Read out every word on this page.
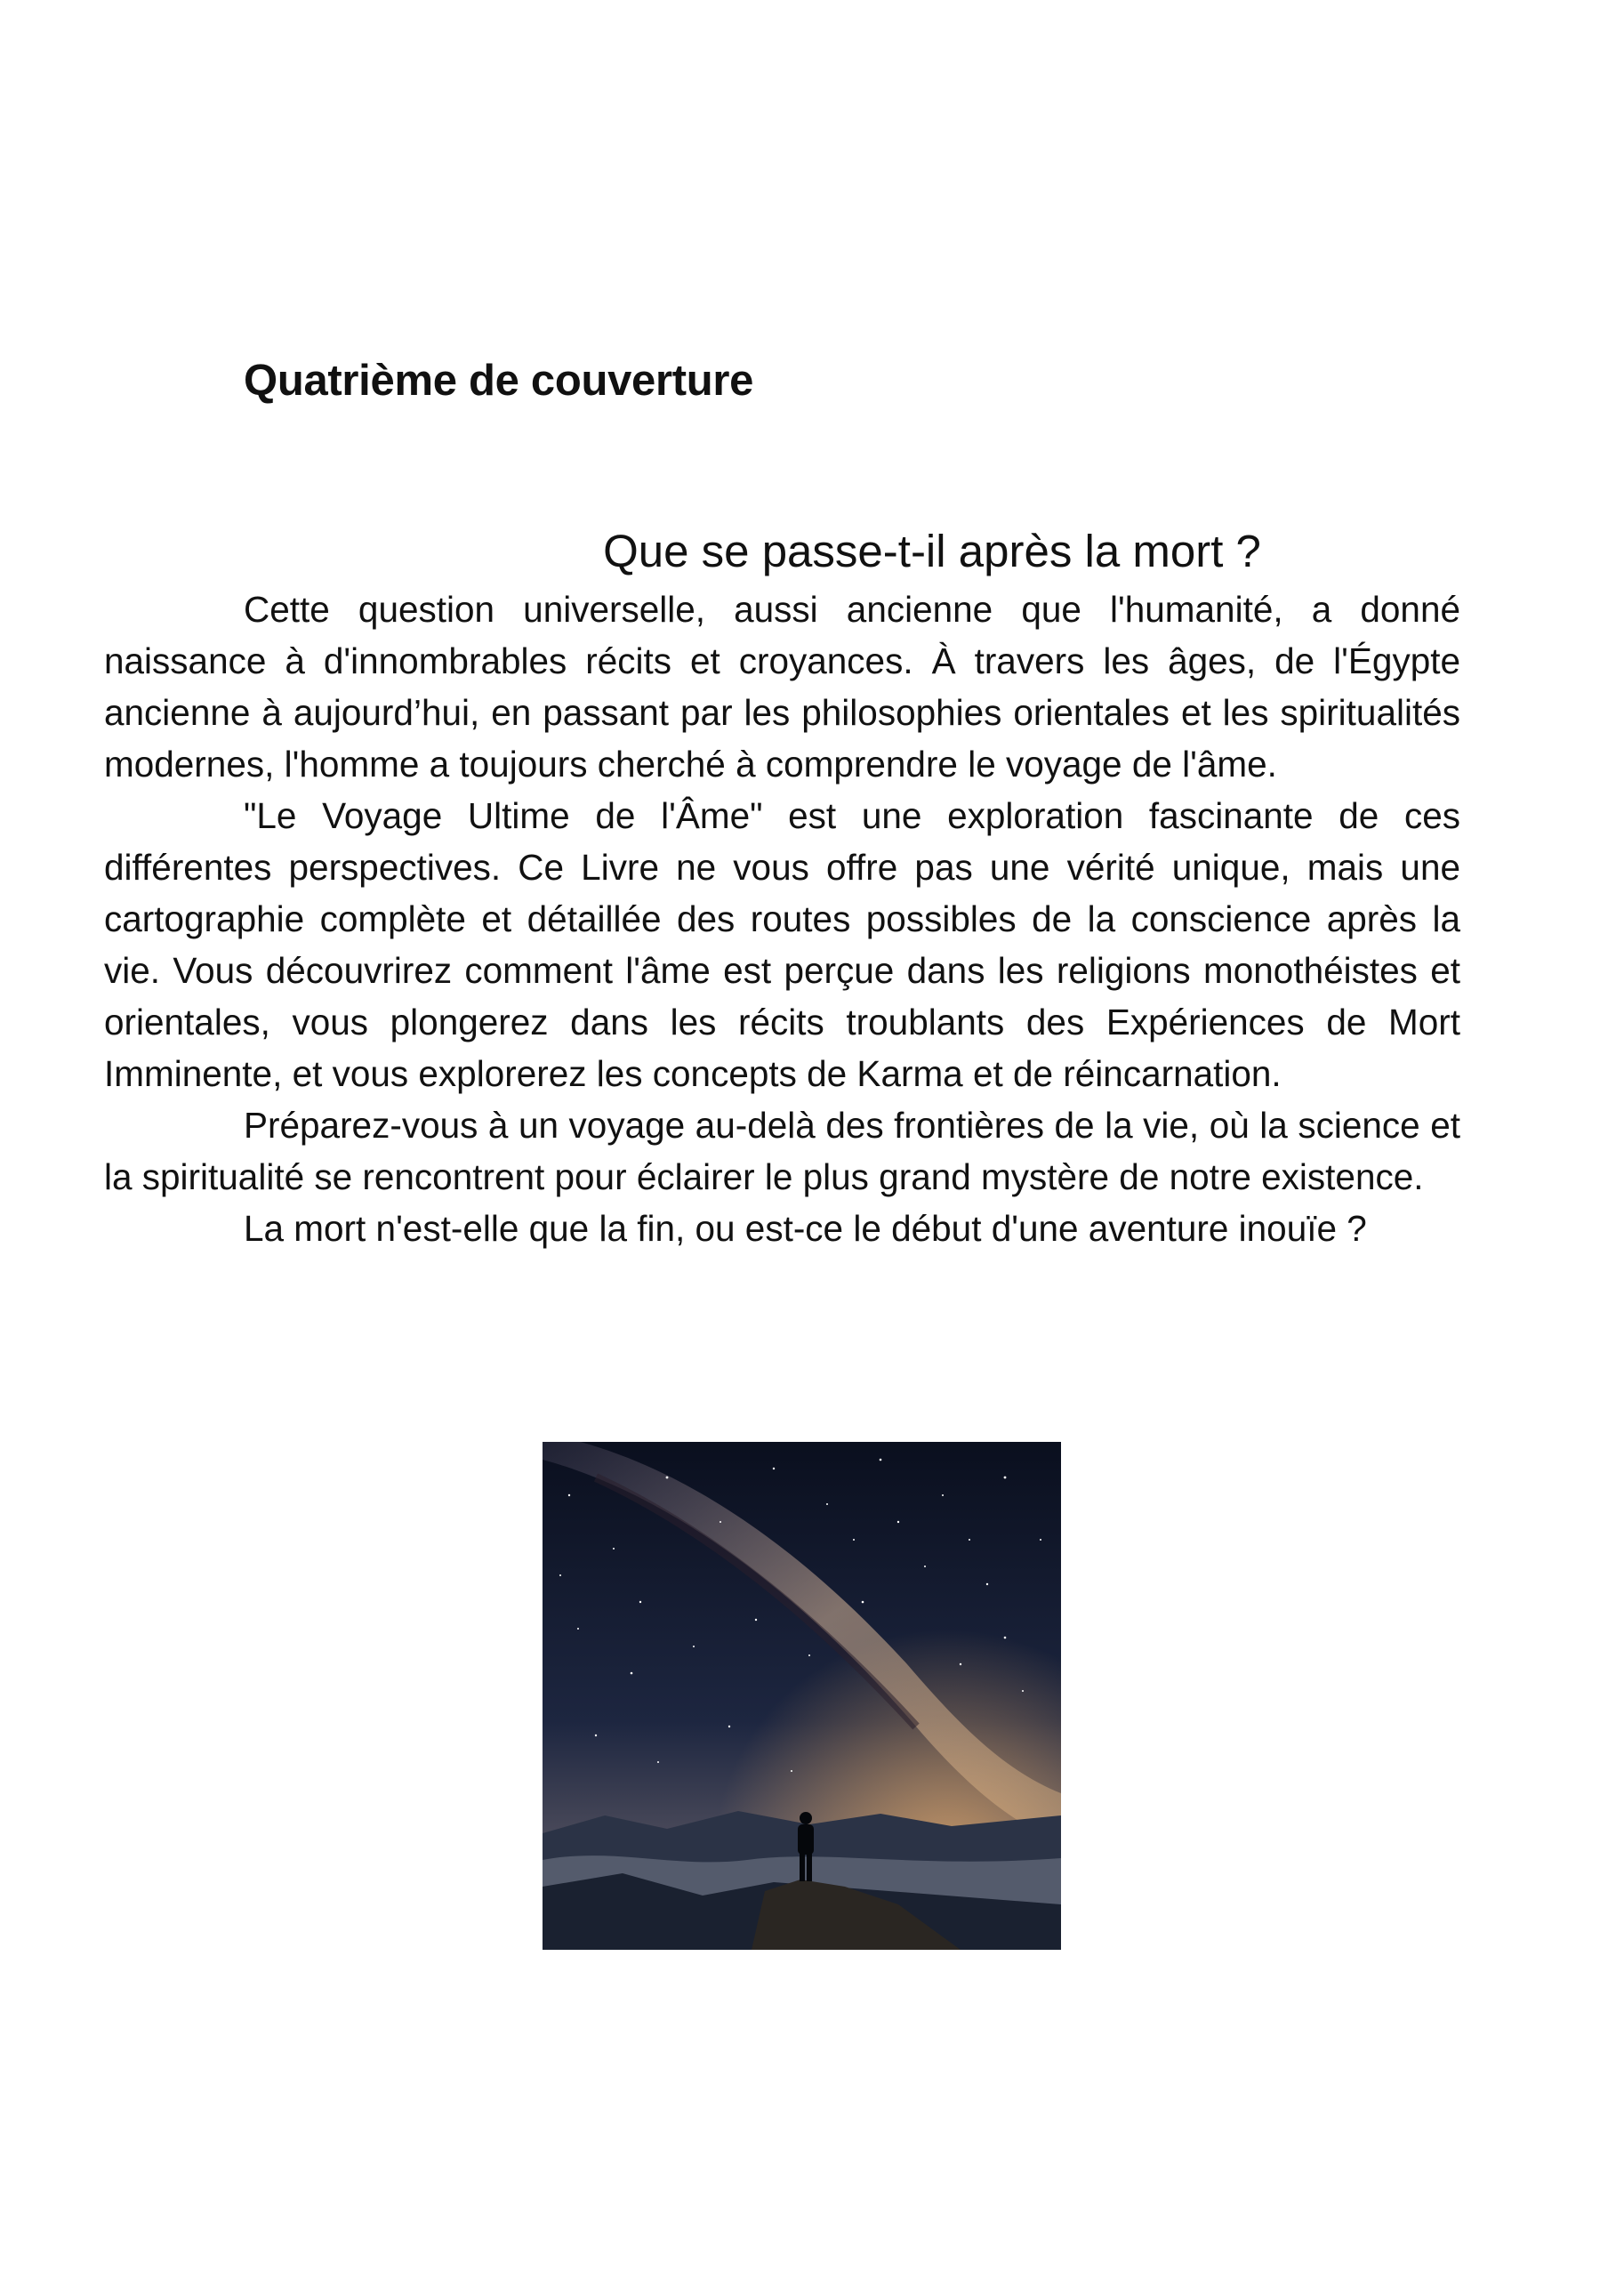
Quatrième de couverture
Que se passe-t-il après la mort ?

Cette question universelle, aussi ancienne que l'humanité, a donné naissance à d'innombrables récits et croyances. À travers les âges, de l'Égypte ancienne à aujourd’hui, en passant par les philosophies orientales et les spiritualités modernes, l'homme a toujours cherché à comprendre le voyage de l'âme.

"Le Voyage Ultime de l'Âme" est une exploration fascinante de ces différentes perspectives. Ce Livre ne vous offre pas une vérité unique, mais une cartographie complète et détaillée des routes possibles de la conscience après la vie. Vous découvrirez comment l'âme est perçue dans les religions monothéistes et orientales, vous plongerez dans les récits troublants des Expériences de Mort Imminente, et vous explorerez les concepts de Karma et de réincarnation.

Préparez-vous à un voyage au-delà des frontières de la vie, où la science et la spiritualité se rencontrent pour éclairer le plus grand mystère de notre existence.

La mort n'est-elle que la fin, ou est-ce le début d'une aventure inouïe ?
